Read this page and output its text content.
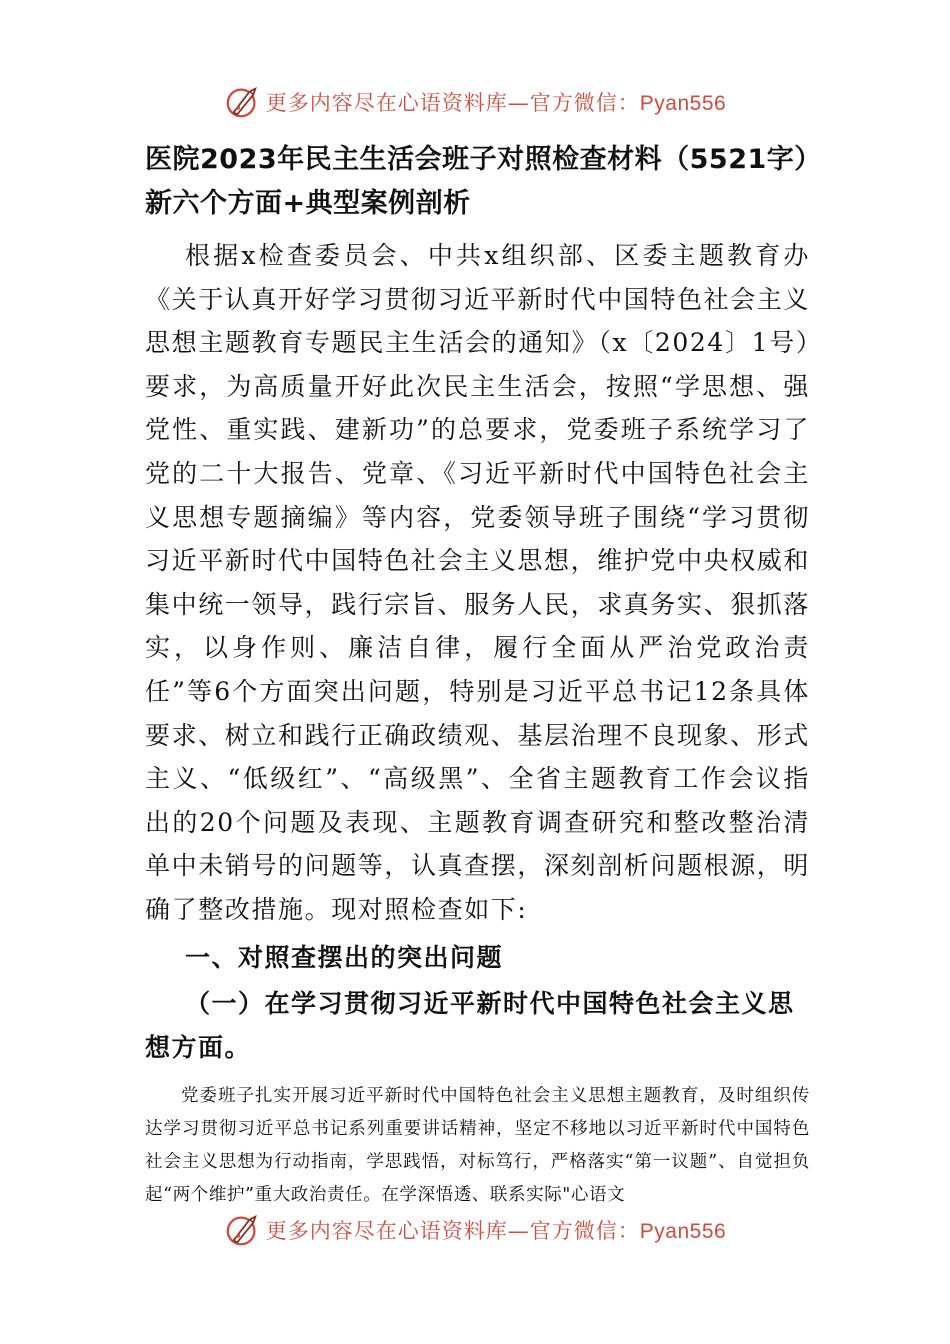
更多内容尽在心语资料库—官方微信：Pyan556
医院2023年民主生活会班子对照检查材料（5521字）新六个方面+典型案例剖析

根据x检查委员会、中共x组织部、区委主题教育办《关于认真开好学习贯彻习近平新时代中国特色社会主义思想主题教育专题民主生活会的通知》（x〔2024〕1号）要求，为高质量开好此次民主生活会，按照“学思想、强党性、重实践、建新功”的总要求，党委班子系统学习了党的二十大报告、党章、《习近平新时代中国特色社会主义思想专题摘编》等内容，党委领导班子围绕“学习贯彻习近平新时代中国特色社会主义思想，维护党中央权威和集中统一领导，践行宗旨、服务人民，求真务实、狠抓落实，以身作则、廉洁自律，履行全面从严治党政治责任”等6个方面突出问题，特别是习近平总书记12条具体要求、树立和践行正确政绩观、基层治理不良现象、形式主义、“低级红”、“高级黑”、全省主题教育工作会议指出的20个问题及表现、主题教育调查研究和整改整治清单中未销号的问题等，认真查摆，深刻剖析问题根源，明确了整改措施。现对照检查如下:

一、对照查摆出的突出问题
（一）在学习贯彻习近平新时代中国特色社会主义思想方面。

党委班子扎实开展习近平新时代中国特色社会主义思想主题教育，及时组织传达学习贯彻习近平总书记系列重要讲话精神，坚定不移地以习近平新时代中国特色社会主义思想为行动指南，学思践悟，对标笃行，严格落实“第一议题”、自觉担负起“两个维护”重大政治责任。在学深悟透、联系实际"心语文

更多内容尽在心语资料库—官方微信：Pyan556
